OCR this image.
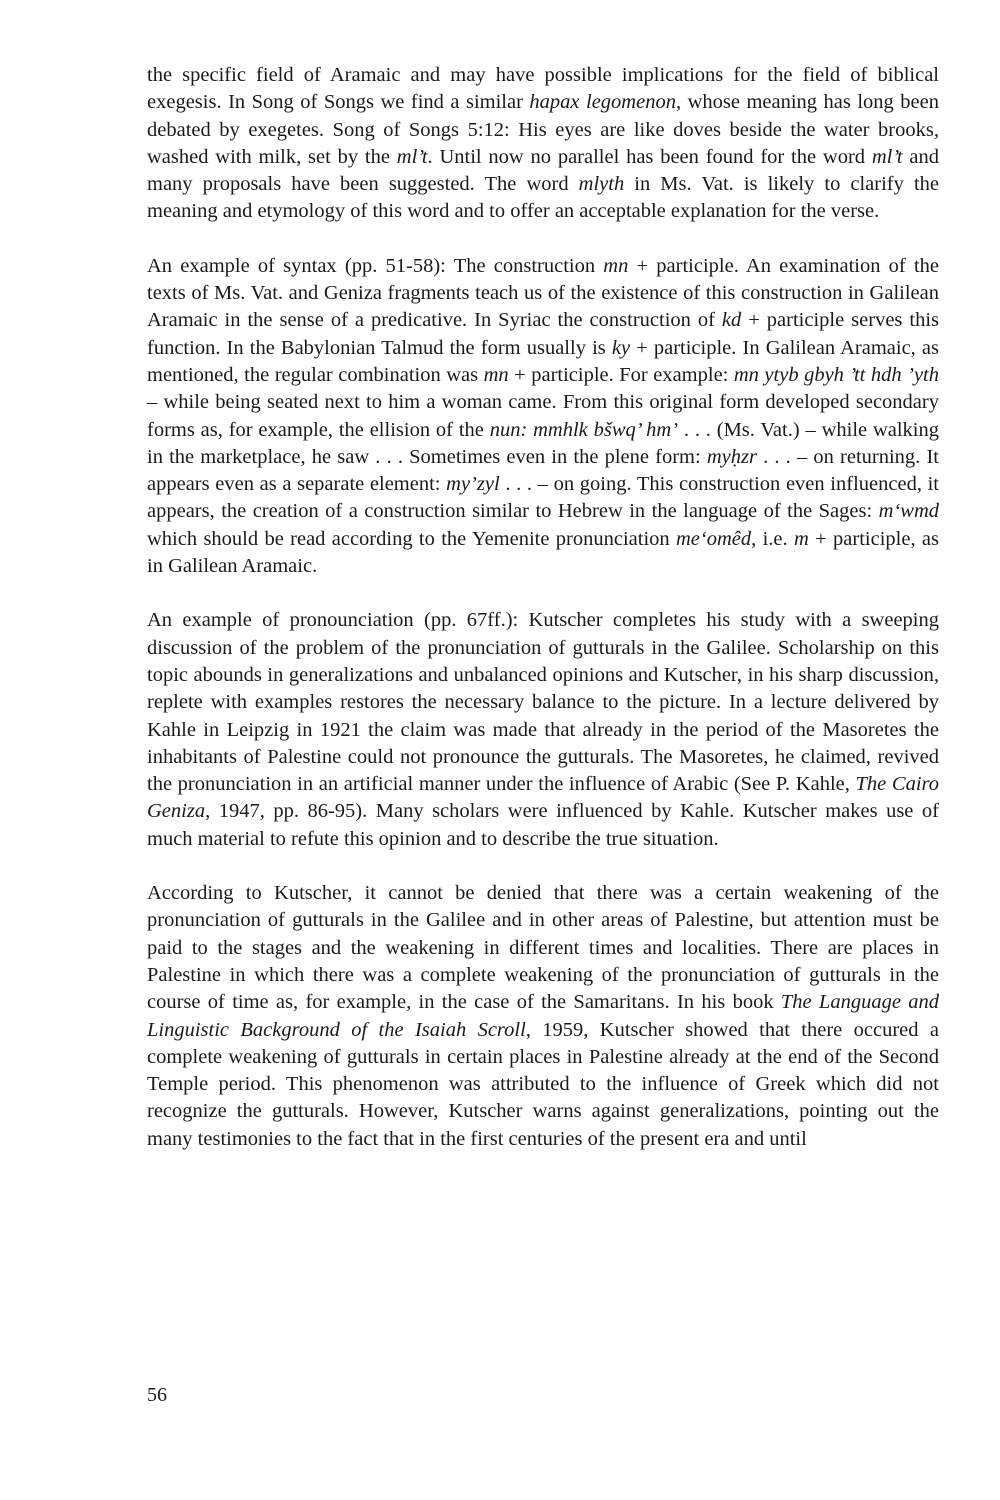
the specific field of Aramaic and may have possible implications for the field of biblical exegesis. In Song of Songs we find a similar hapax legomenon, whose meaning has long been debated by exegetes. Song of Songs 5:12: His eyes are like doves beside the water brooks, washed with milk, set by the ml’t. Until now no parallel has been found for the word ml’t and many proposals have been suggested. The word mlyth in Ms. Vat. is likely to clarify the meaning and etymology of this word and to offer an acceptable explanation for the verse.

An example of syntax (pp. 51-58): The construction mn + participle. An examination of the texts of Ms. Vat. and Geniza fragments teach us of the existence of this construction in Galilean Aramaic in the sense of a predicative. In Syriac the construction of kd + participle serves this function. In the Babylonian Talmud the form usually is ky + participle. In Galilean Aramaic, as mentioned, the regular combination was mn + participle. For example: mn ytyb gbyh ’tt hdh ’yth – while being seated next to him a woman came. From this original form developed secondary forms as, for example, the ellision of the nun: mmhlk bšwq’ hm’ . . . (Ms. Vat.) – while walking in the marketplace, he saw . . . Sometimes even in the plene form: myḥzr . . . – on returning. It appears even as a separate element: my’zyl . . . – on going. This construction even influenced, it appears, the creation of a construction similar to Hebrew in the language of the Sages: m‘wmd which should be read according to the Yemenite pronunciation me‘omêd, i.e. m + participle, as in Galilean Aramaic.

An example of pronounciation (pp. 67ff.): Kutscher completes his study with a sweeping discussion of the problem of the pronunciation of gutturals in the Galilee. Scholarship on this topic abounds in generalizations and unbalanced opinions and Kutscher, in his sharp discussion, replete with examples restores the necessary balance to the picture. In a lecture delivered by Kahle in Leipzig in 1921 the claim was made that already in the period of the Masoretes the inhabitants of Palestine could not pronounce the gutturals. The Masoretes, he claimed, revived the pronunciation in an artificial manner under the influence of Arabic (See P. Kahle, The Cairo Geniza, 1947, pp. 86-95). Many scholars were influenced by Kahle. Kutscher makes use of much material to refute this opinion and to describe the true situation.

According to Kutscher, it cannot be denied that there was a certain weakening of the pronunciation of gutturals in the Galilee and in other areas of Palestine, but attention must be paid to the stages and the weakening in different times and localities. There are places in Palestine in which there was a complete weakening of the pronunciation of gutturals in the course of time as, for example, in the case of the Samaritans. In his book The Language and Linguistic Background of the Isaiah Scroll, 1959, Kutscher showed that there occured a complete weakening of gutturals in certain places in Palestine already at the end of the Second Temple period. This phenomenon was attributed to the influence of Greek which did not recognize the gutturals. However, Kutscher warns against generalizations, pointing out the many testimonies to the fact that in the first centuries of the present era and until

56
